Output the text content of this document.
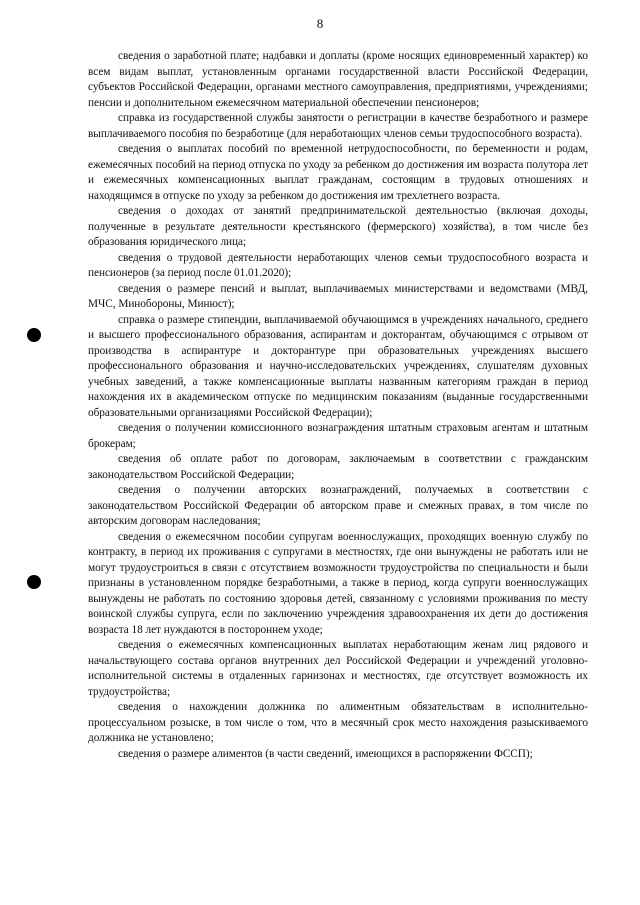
8

сведения о заработной плате; надбавки и доплаты (кроме носящих единовременный характер) ко всем видам выплат, установленным органами государственной власти Российской Федерации, субъектов Российской Федерации, органами местного самоуправления, предприятиями, учреждениями; пенсии и дополнительном ежемесячном материальной обеспечении пенсионеров;

справка из государственной службы занятости о регистрации в качестве безработного и размере выплачиваемого пособия по безработице (для неработающих членов семьи трудоспособного возраста).

сведения о выплатах пособий по временной нетрудоспособности, по беременности и родам, ежемесячных пособий на период отпуска по уходу за ребенком до достижения им возраста полутора лет и ежемесячных компенсационных выплат гражданам, состоящим в трудовых отношениях и находящимся в отпуске по уходу за ребенком до достижения им трехлетнего возраста.

сведения о доходах от занятий предпринимательской деятельностью (включая доходы, полученные в результате деятельности крестьянского (фермерского) хозяйства), в том числе без образования юридического лица;

сведения о трудовой деятельности неработающих членов семьи трудоспособного возраста и пенсионеров (за период после 01.01.2020);

сведения о размере пенсий и выплат, выплачиваемых министерствами и ведомствами (МВД, МЧС, Минобороны, Минюст);

справка о размере стипендии, выплачиваемой обучающимся в учреждениях начального, среднего и высшего профессионального образования, аспирантам и докторантам, обучающимся с отрывом от производства в аспирантуре и докторантуре при образовательных учреждениях высшего профессионального образования и научно-исследовательских учреждениях, слушателям духовных учебных заведений, а также компенсационные выплаты названным категориям граждан в период нахождения их в академическом отпуске по медицинским показаниям (выданные государственными образовательными организациями Российской Федерации);

сведения о получении комиссионного вознаграждения штатным страховым агентам и штатным брокерам;

сведения об оплате работ по договорам, заключаемым в соответствии с гражданским законодательством Российской Федерации;

сведения о получении авторских вознаграждений, получаемых в соответствии с законодательством Российской Федерации об авторском праве и смежных правах, в том числе по авторским договорам наследования;

сведения о ежемесячном пособии супругам военнослужащих, проходящих военную службу по контракту, в период их проживания с супругами в местностях, где они вынуждены не работать или не могут трудоустроиться в связи с отсутствием возможности трудоустройства по специальности и были признаны в установленном порядке безработными, а также в период, когда супруги военнослужащих вынуждены не работать по состоянию здоровья детей, связанному с условиями проживания по месту воинской службы супруга, если по заключению учреждения здравоохранения их дети до достижения возраста 18 лет нуждаются в постороннем уходе;

сведения о ежемесячных компенсационных выплатах неработающим женам лиц рядового и начальствующего состава органов внутренних дел Российской Федерации и учреждений уголовно-исполнительной системы в отдаленных гарнизонах и местностях, где отсутствует возможность их трудоустройства;

сведения о нахождении должника по алиментным обязательствам в исполнительно-процессуальном розыске, в том числе о том, что в месячный срок место нахождения разыскиваемого должника не установлено;

сведения о размере алиментов (в части сведений, имеющихся в распоряжении ФССП);
